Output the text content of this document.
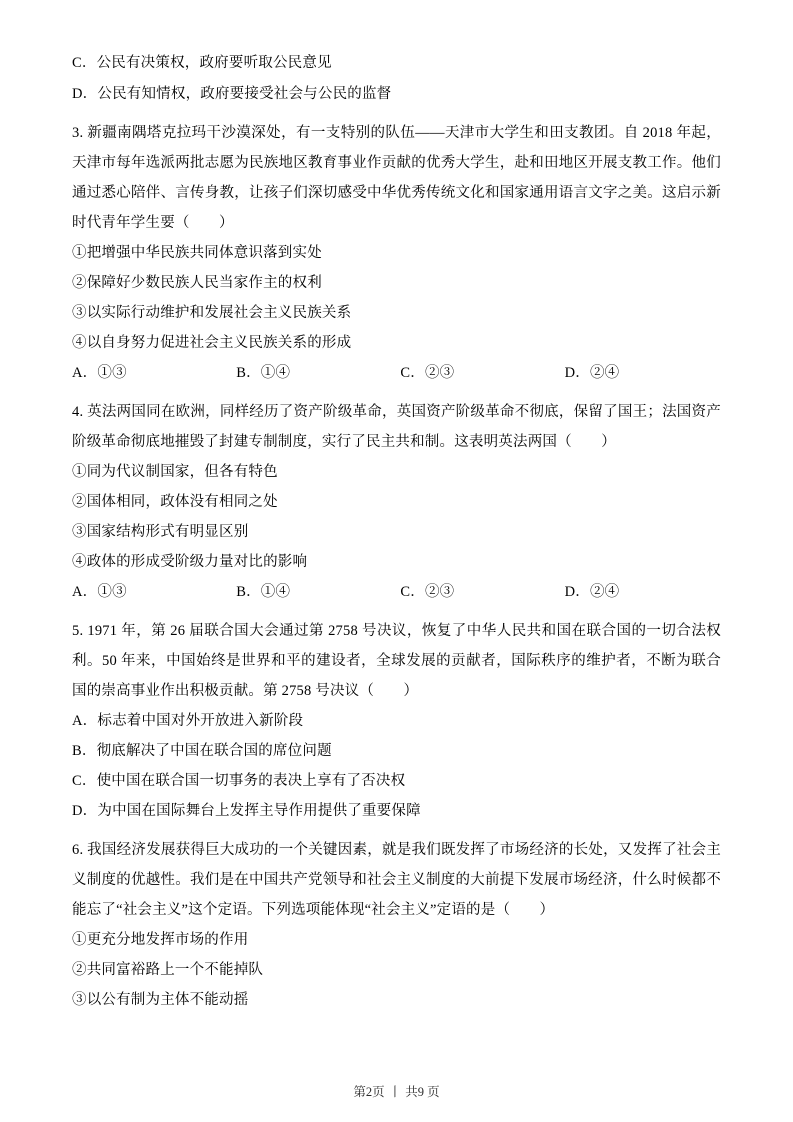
C．公民有决策权，政府要听取公民意见
D．公民有知情权，政府要接受社会与公民的监督
3. 新疆南隅塔克拉玛干沙漠深处，有一支特别的队伍——天津市大学生和田支教团。自 2018 年起，天津市每年选派两批志愿为民族地区教育事业作贡献的优秀大学生，赴和田地区开展支教工作。他们通过悉心陪伴、言传身教，让孩子们深切感受中华优秀传统文化和国家通用语言文字之美。这启示新时代青年学生要（　　）
①把增强中华民族共同体意识落到实处
②保障好少数民族人民当家作主的权利
③以实际行动维护和发展社会主义民族关系
④以自身努力促进社会主义民族关系的形成
A．①③	B．①④	C．②③	D．②④
4. 英法两国同在欧洲，同样经历了资产阶级革命，英国资产阶级革命不彻底，保留了国王；法国资产阶级革命彻底地摧毁了封建专制制度，实行了民主共和制。这表明英法两国（　　）
①同为代议制国家，但各有特色
②国体相同，政体没有相同之处
③国家结构形式有明显区别
④政体的形成受阶级力量对比的影响
A．①③	B．①④	C．②③	D．②④
5. 1971 年，第 26 届联合国大会通过第 2758 号决议，恢复了中华人民共和国在联合国的一切合法权利。50 年来，中国始终是世界和平的建设者，全球发展的贡献者，国际秩序的维护者，不断为联合国的崇高事业作出积极贡献。第 2758 号决议（　　）
A．标志着中国对外开放进入新阶段
B．彻底解决了中国在联合国的席位问题
C．使中国在联合国一切事务的表决上享有了否决权
D．为中国在国际舞台上发挥主导作用提供了重要保障
6. 我国经济发展获得巨大成功的一个关键因素，就是我们既发挥了市场经济的长处，又发挥了社会主义制度的优越性。我们是在中国共产党领导和社会主义制度的大前提下发展市场经济，什么时候都不能忘了“社会主义”这个定语。下列选项能体现“社会主义”定语的是（　　）
①更充分地发挥市场的作用
②共同富裕路上一个不能掉队
③以公有制为主体不能动摇
第2页 丨 共9 页
